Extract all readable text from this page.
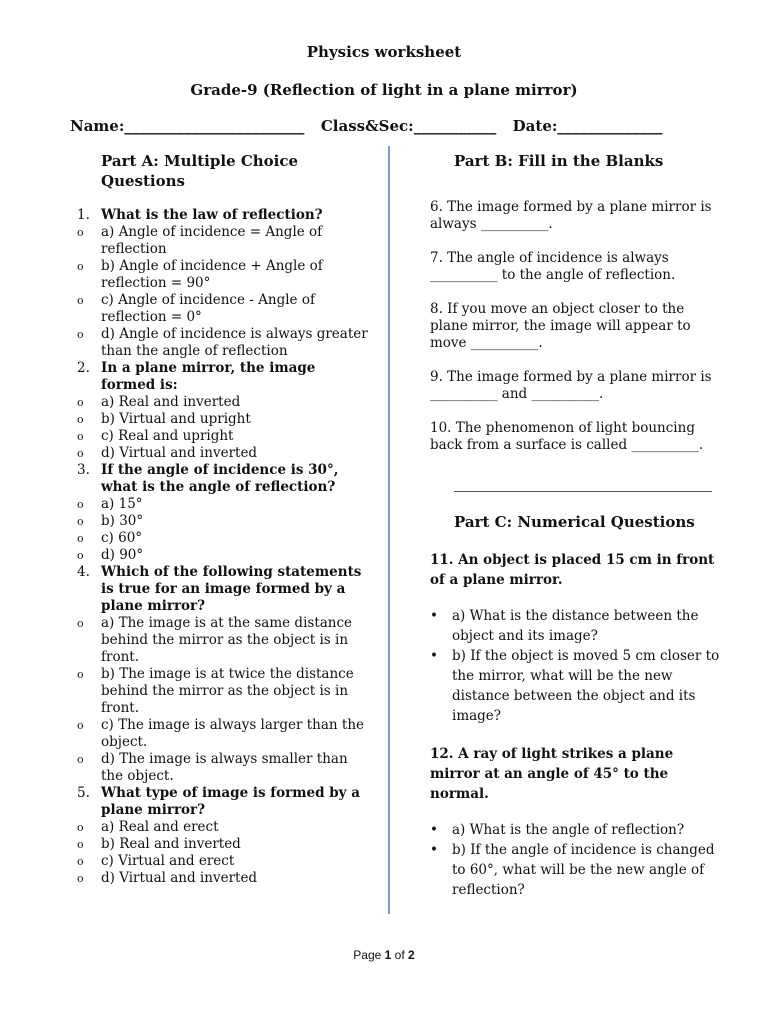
Physics worksheet
Grade-9 (Reflection of light in a plane mirror)
Name:________________________ Class&Sec:___________ Date:______________
Part A: Multiple Choice Questions
1. What is the law of reflection?
o a) Angle of incidence = Angle of reflection
o b) Angle of incidence + Angle of reflection = 90°
o c) Angle of incidence - Angle of reflection = 0°
o d) Angle of incidence is always greater than the angle of reflection
2. In a plane mirror, the image formed is:
o a) Real and inverted
o b) Virtual and upright
o c) Real and upright
o d) Virtual and inverted
3. If the angle of incidence is 30°, what is the angle of reflection?
o a) 15°
o b) 30°
o c) 60°
o d) 90°
4. Which of the following statements is true for an image formed by a plane mirror?
o a) The image is at the same distance behind the mirror as the object is in front.
o b) The image is at twice the distance behind the mirror as the object is in front.
o c) The image is always larger than the object.
o d) The image is always smaller than the object.
5. What type of image is formed by a plane mirror?
o a) Real and erect
o b) Real and inverted
o c) Virtual and erect
o d) Virtual and inverted
Part B: Fill in the Blanks
6. The image formed by a plane mirror is always __________.
7. The angle of incidence is always __________ to the angle of reflection.
8. If you move an object closer to the plane mirror, the image will appear to move __________.
9. The image formed by a plane mirror is __________ and __________.
10. The phenomenon of light bouncing back from a surface is called __________.
Part C: Numerical Questions
11. An object is placed 15 cm in front of a plane mirror.
• a) What is the distance between the object and its image?
• b) If the object is moved 5 cm closer to the mirror, what will be the new distance between the object and its image?
12. A ray of light strikes a plane mirror at an angle of 45° to the normal.
• a) What is the angle of reflection?
• b) If the angle of incidence is changed to 60°, what will be the new angle of reflection?
Page 1 of 2
